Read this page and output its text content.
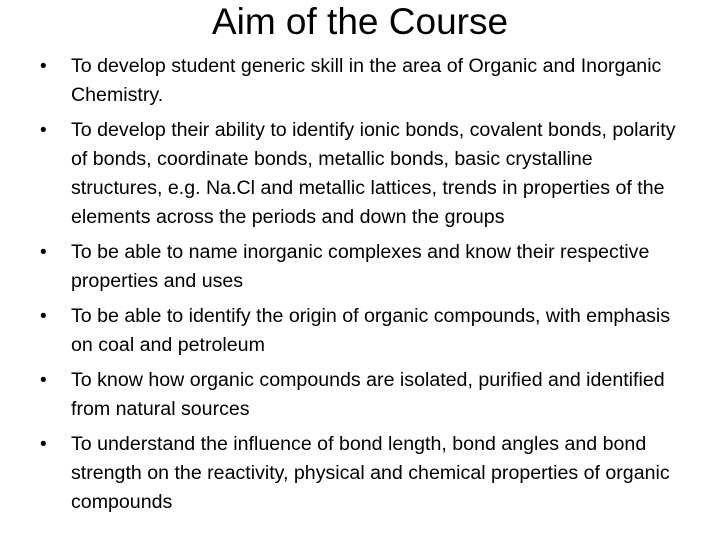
Aim of the Course
•	To develop student generic skill in the area of Organic and Inorganic Chemistry.
•	To develop their ability to identify ionic bonds, covalent bonds, polarity of bonds, coordinate bonds, metallic bonds, basic crystalline structures, e.g. Na.Cl and metallic lattices, trends in properties of the elements across the periods and down the groups
•	To be able to name inorganic complexes and know their respective properties and uses
•	To be able to identify the origin of organic compounds, with emphasis on coal and petroleum
•	To know how organic compounds are isolated, purified and identified from natural sources
•	To understand the influence of bond length, bond angles and bond strength on the reactivity, physical and chemical properties of organic compounds
